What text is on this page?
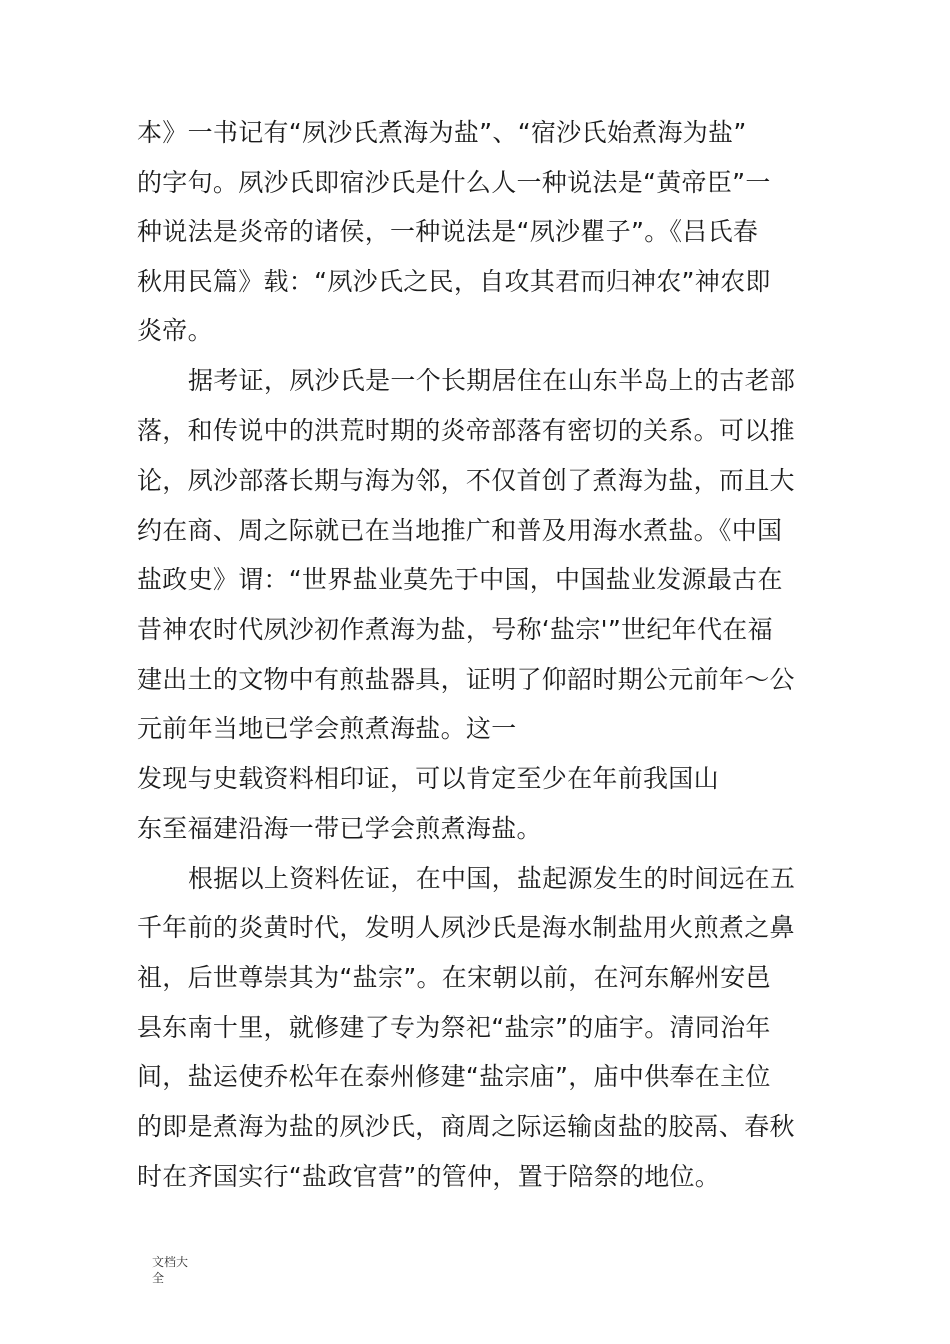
本》一书记有“夙沙氏煮海为盐”、“宿沙氏始煮海为盐”
的字句。夙沙氏即宿沙氏是什么人一种说法是“黄帝臣”一
种说法是炎帝的诸侯，一种说法是“夙沙瞿子”。《吕氏春
秋用民篇》载：“夙沙氏之民，自攻其君而归神农”神农即
炎帝。
据考证，夙沙氏是一个长期居住在山东半岛上的古老部
落，和传说中的洪荒时期的炎帝部落有密切的关系。可以推
论，夙沙部落长期与海为邻，不仅首创了煮海为盐，而且大
约在商、周之际就已在当地推广和普及用海水煮盐。《中国
盐政史》谓：“世界盐业莫先于中国，中国盐业发源最古在
昔神农时代夙沙初作煮海为盐，号称‘盐宗'”世纪年代在福
建出土的文物中有煎盐器具，证明了仰韶时期公元前年〜公
元前年当地已学会煎煮海盐。这一
发现与史载资料相印证，可以肯定至少在年前我国山
东至福建沿海一带已学会煎煮海盐。
根据以上资料佐证，在中国，盐起源发生的时间远在五
千年前的炎黄时代，发明人夙沙氏是海水制盐用火煎煮之鼻
祖，后世尊崇其为“盐宗”。在宋朝以前，在河东解州安邑
县东南十里，就修建了专为祭祀“盐宗”的庙宇。清同治年
间，盐运使乔松年在泰州修建“盐宗庙”，庙中供奉在主位
的即是煮海为盐的夙沙氏，商周之际运输卤盐的胶鬲、春秋
时在齐国实行“盐政官营”的管仲，置于陪祭的地位。
文档大全
